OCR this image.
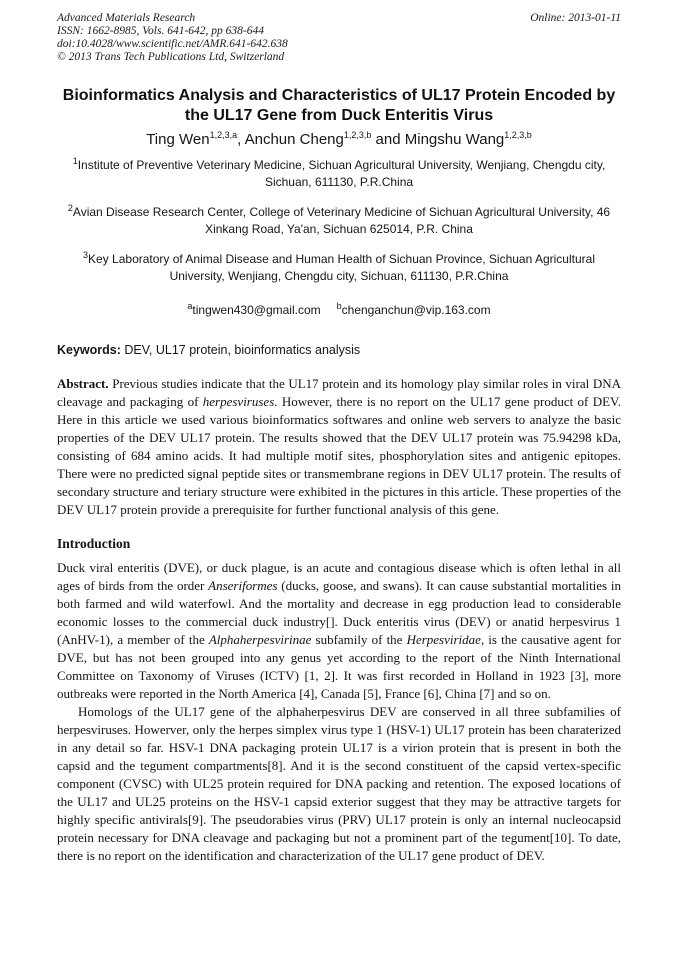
Advanced Materials Research	Online: 2013-01-11
ISSN: 1662-8985, Vols. 641-642, pp 638-644
doi:10.4028/www.scientific.net/AMR.641-642.638
© 2013 Trans Tech Publications Ltd, Switzerland
Bioinformatics Analysis and Characteristics of UL17 Protein Encoded by
the UL17 Gene from Duck Enteritis Virus
Ting Wen$^{1,2,3,a}$, Anchun Cheng$^{1,2,3,b}$ and Mingshu Wang$^{1,2,3,b}$
$^1$Institute of Preventive Veterinary Medicine, Sichuan Agricultural University, Wenjiang, Chengdu city, Sichuan, 611130, P.R.China
$^2$Avian Disease Research Center, College of Veterinary Medicine of Sichuan Agricultural University, 46 Xinkang Road, Ya'an, Sichuan 625014, P.R. China
$^3$Key Laboratory of Animal Disease and Human Health of Sichuan Province, Sichuan Agricultural University, Wenjiang, Chengdu city, Sichuan, 611130, P.R.China
$^a$tingwen430@gmail.com $^b$chenganchun@vip.163.com
Keywords: DEV, UL17 protein, bioinformatics analysis

Abstract. Previous studies indicate that the UL17 protein and its homology play similar roles in viral DNA cleavage and packaging of herpesviruses. However, there is no report on the UL17 gene product of DEV. Here in this article we used various bioinformatics softwares and online web servers to analyze the basic properties of the DEV UL17 protein. The results showed that the DEV UL17 protein was 75.94298 kDa, consisting of 684 amino acids. It had multiple motif sites, phosphorylation sites and antigenic epitopes. There were no predicted signal peptide sites or transmembrane regions in DEV UL17 protein. The results of secondary structure and teriary structure were exhibited in the pictures in this article. These properties of the DEV UL17 protein provide a prerequisite for further functional analysis of this gene.

Introduction

Duck viral enteritis (DVE), or duck plague, is an acute and contagious disease which is often lethal in all ages of birds from the order Anseriformes (ducks, goose, and swans). It can cause substantial mortalities in both farmed and wild waterfowl. And the mortality and decrease in egg production lead to considerable economic losses to the commercial duck industry[]. Duck enteritis virus (DEV) or anatid herpesvirus 1 (AnHV-1), a member of the Alphaherpesvirinae subfamily of the Herpesviridae, is the causative agent for DVE, but has not been grouped into any genus yet according to the report of the Ninth International Committee on Taxonomy of Viruses (ICTV) [1, 2]. It was first recorded in Holland in 1923 [3], more outbreaks were reported in the North America [4], Canada [5], France [6], China [7] and so on.

Homologs of the UL17 gene of the alphaherpesvirus DEV are conserved in all three subfamilies of herpesviruses. Howerver, only the herpes simplex virus type 1 (HSV-1) UL17 protein has been charaterized in any detail so far. HSV-1 DNA packaging protein UL17 is a virion protein that is present in both the capsid and the tegument compartments[8]. And it is the second constituent of the capsid vertex-specific component (CVSC) with UL25 protein required for DNA packing and retention. The exposed locations of the UL17 and UL25 proteins on the HSV-1 capsid exterior suggest that they may be attractive targets for highly specific antivirals[9]. The pseudorabies virus (PRV) UL17 protein is only an internal nucleocapsid protein necessary for DNA cleavage and packaging but not a prominent part of the tegument[10]. To date, there is no report on the identification and characterization of the UL17 gene product of DEV.
